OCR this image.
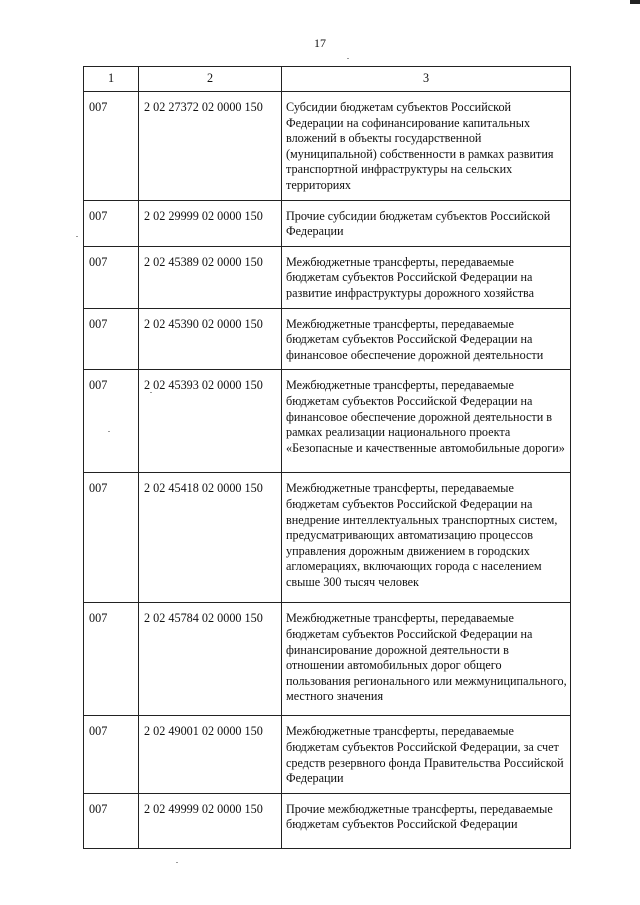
17
1	2	3

007	2 02 27372 02 0000 150	Субсидии бюджетам субъектов Российской Федерации на софинансирование капитальных вложений в объекты государственной (муниципальной) собственности в рамках развития транспортной инфраструктуры на сельских территориях

007	2 02 29999 02 0000 150	Прочие субсидии бюджетам субъектов Российской Федерации

007	2 02 45389 02 0000 150	Межбюджетные трансферты, передаваемые бюджетам субъектов Российской Федерации на развитие инфраструктуры дорожного хозяйства

007	2 02 45390 02 0000 150	Межбюджетные трансферты, передаваемые бюджетам субъектов Российской Федерации на финансовое обеспечение дорожной деятельности

007	2 02 45393 02 0000 150	Межбюджетные трансферты, передаваемые бюджетам субъектов Российской Федерации на финансовое обеспечение дорожной деятельности в рамках реализации национального проекта «Безопасные и качественные автомобильные дороги»

007	2 02 45418 02 0000 150	Межбюджетные трансферты, передаваемые бюджетам субъектов Российской Федерации на внедрение интеллектуальных транспортных систем, предусматривающих автоматизацию процессов управления дорожным движением в городских агломерациях, включающих города с населением свыше 300 тысяч человек

007	2 02 45784 02 0000 150	Межбюджетные трансферты, передаваемые бюджетам субъектов Российской Федерации на финансирование дорожной деятельности в отношении автомобильных дорог общего пользования регионального или межмуниципального, местного значения

007	2 02 49001 02 0000 150	Межбюджетные трансферты, передаваемые бюджетам субъектов Российской Федерации, за счет средств резервного фонда Правительства Российской Федерации

007	2 02 49999 02 0000 150	Прочие межбюджетные трансферты, передаваемые бюджетам субъектов Российской Федерации
